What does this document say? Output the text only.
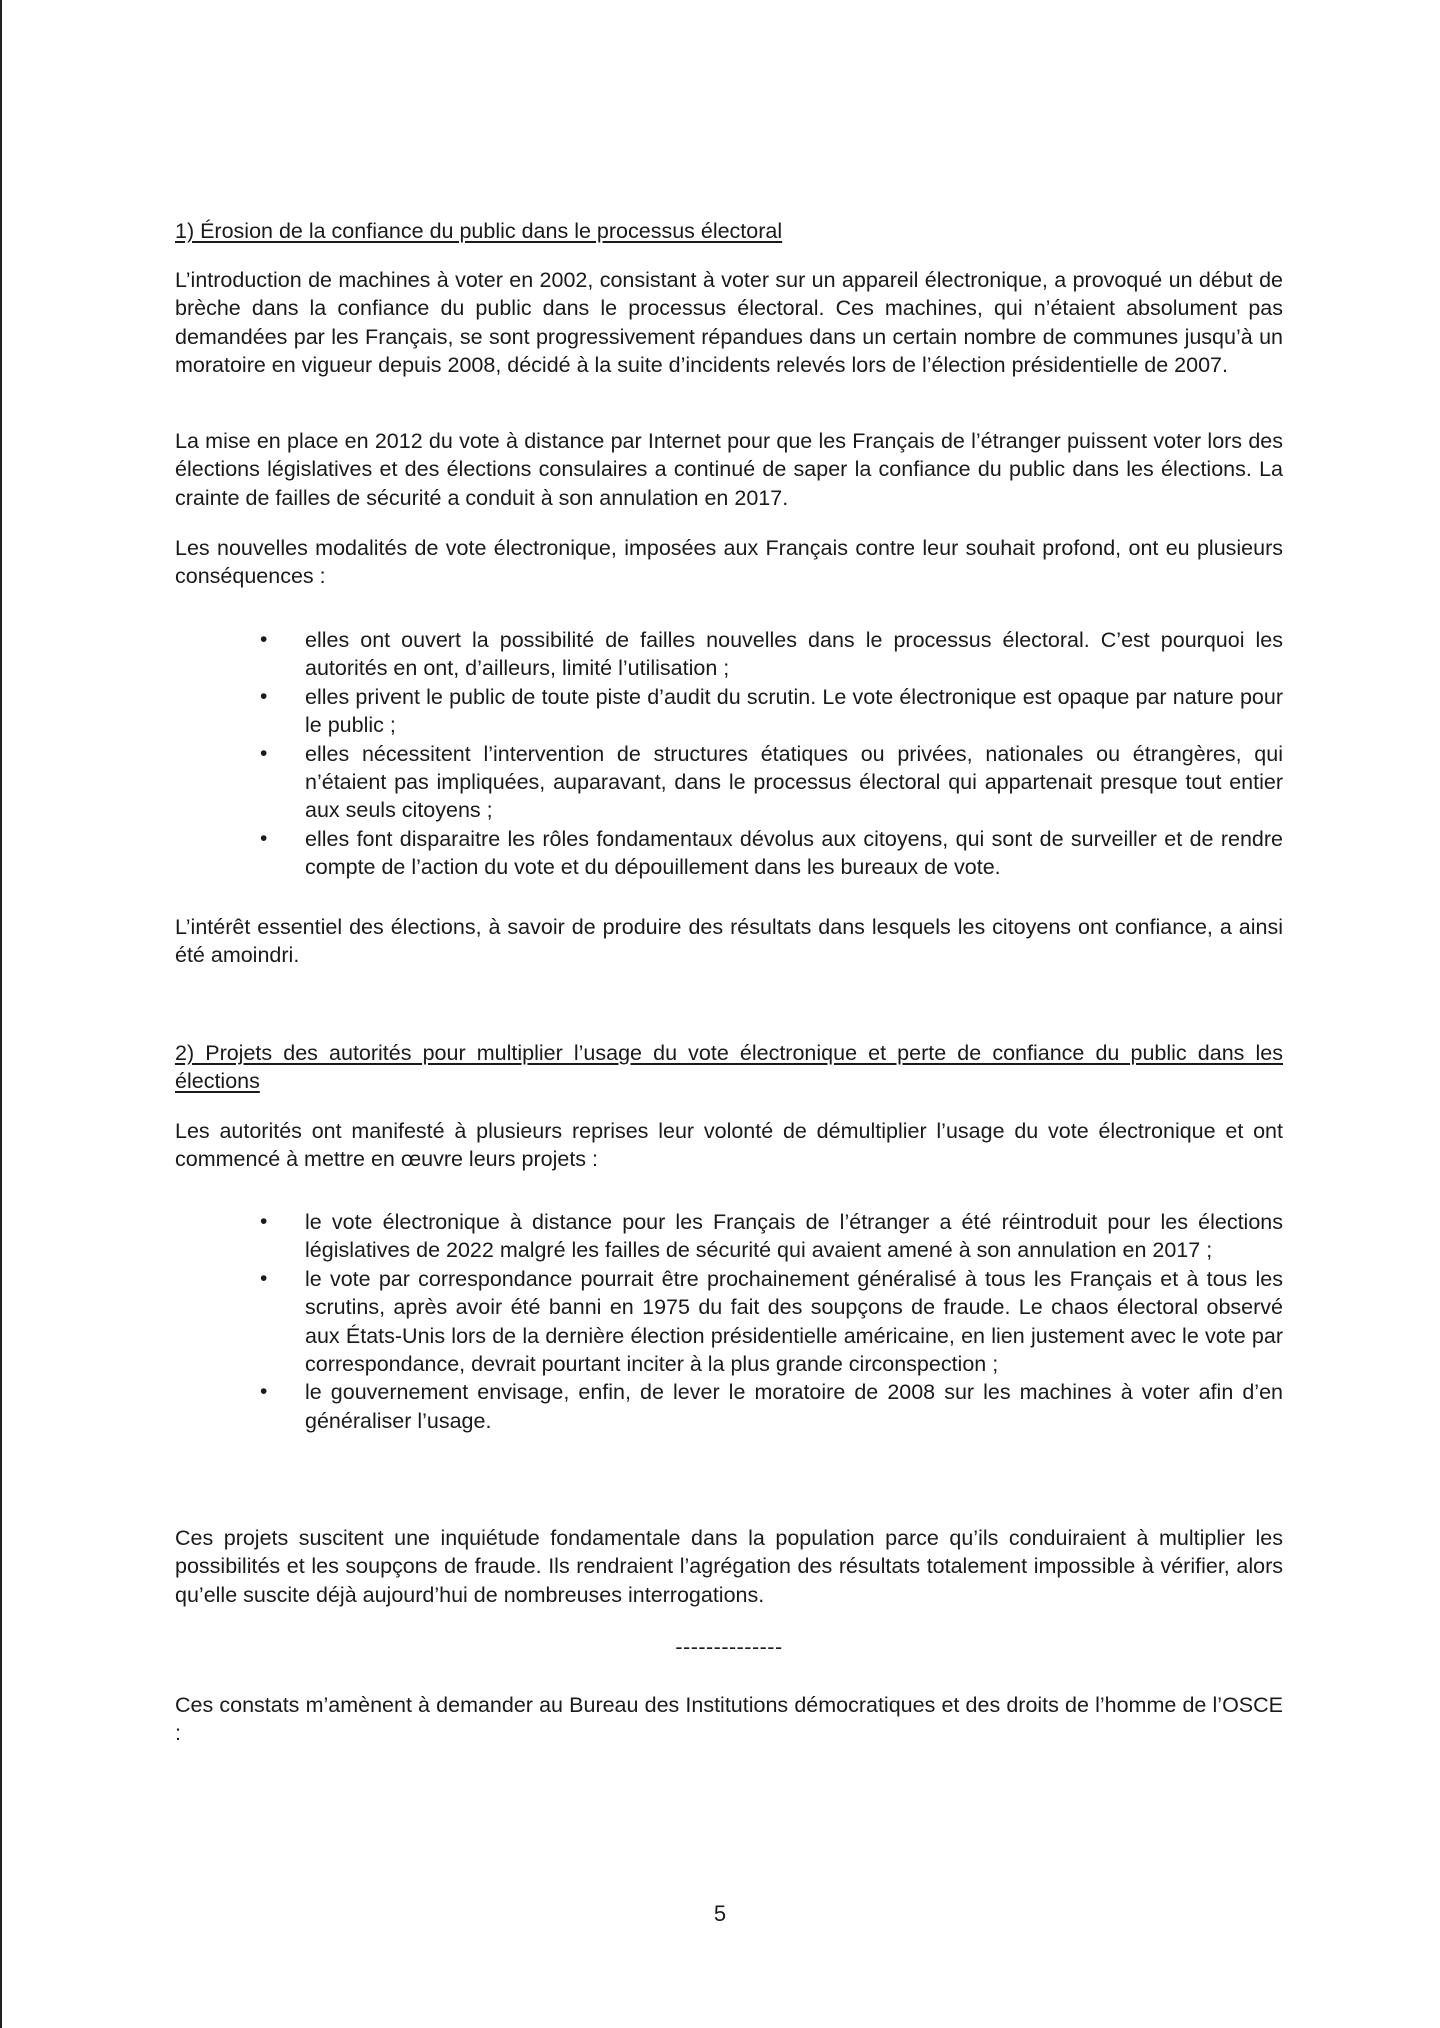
1) Érosion de la confiance du public dans le processus électoral

L’introduction de machines à voter en 2002, consistant à voter sur un appareil électronique, a provoqué un début de brèche dans la confiance du public dans le processus électoral. Ces machines, qui n’étaient absolument pas demandées par les Français, se sont progressivement répandues dans un certain nombre de communes jusqu’à un moratoire en vigueur depuis 2008, décidé à la suite d’incidents relevés lors de l’élection présidentielle de 2007.

La mise en place en 2012 du vote à distance par Internet pour que les Français de l’étranger puissent voter lors des élections législatives et des élections consulaires a continué de saper la confiance du public dans les élections. La crainte de failles de sécurité a conduit à son annulation en 2017.

Les nouvelles modalités de vote électronique, imposées aux Français contre leur souhait profond, ont eu plusieurs conséquences :

• elles ont ouvert la possibilité de failles nouvelles dans le processus électoral. C’est pourquoi les autorités en ont, d’ailleurs, limité l’utilisation ;
• elles privent le public de toute piste d’audit du scrutin. Le vote électronique est opaque par nature pour le public ;
• elles nécessitent l’intervention de structures étatiques ou privées, nationales ou étrangères, qui n’étaient pas impliquées, auparavant, dans le processus électoral qui appartenait presque tout entier aux seuls citoyens ;
• elles font disparaitre les rôles fondamentaux dévolus aux citoyens, qui sont de surveiller et de rendre compte de l’action du vote et du dépouillement dans les bureaux de vote.

L’intérêt essentiel des élections, à savoir de produire des résultats dans lesquels les citoyens ont confiance, a ainsi été amoindri.

2) Projets des autorités pour multiplier l’usage du vote électronique et perte de confiance du public dans les élections

Les autorités ont manifesté à plusieurs reprises leur volonté de démultiplier l’usage du vote électronique et ont commencé à mettre en œuvre leurs projets :

• le vote électronique à distance pour les Français de l’étranger a été réintroduit pour les élections législatives de 2022 malgré les failles de sécurité qui avaient amené à son annulation en 2017 ;
• le vote par correspondance pourrait être prochainement généralisé à tous les Français et à tous les scrutins, après avoir été banni en 1975 du fait des soupçons de fraude. Le chaos électoral observé aux États-Unis lors de la dernière élection présidentielle américaine, en lien justement avec le vote par correspondance, devrait pourtant inciter à la plus grande circonspection ;
• le gouvernement envisage, enfin, de lever le moratoire de 2008 sur les machines à voter afin d’en généraliser l’usage.

Ces projets suscitent une inquiétude fondamentale dans la population parce qu’ils conduiraient à multiplier les possibilités et les soupçons de fraude. Ils rendraient l’agrégation des résultats totalement impossible à vérifier, alors qu’elle suscite déjà aujourd’hui de nombreuses interrogations.

--------------

Ces constats m’amènent à demander au Bureau des Institutions démocratiques et des droits de l’homme de l’OSCE :

5
